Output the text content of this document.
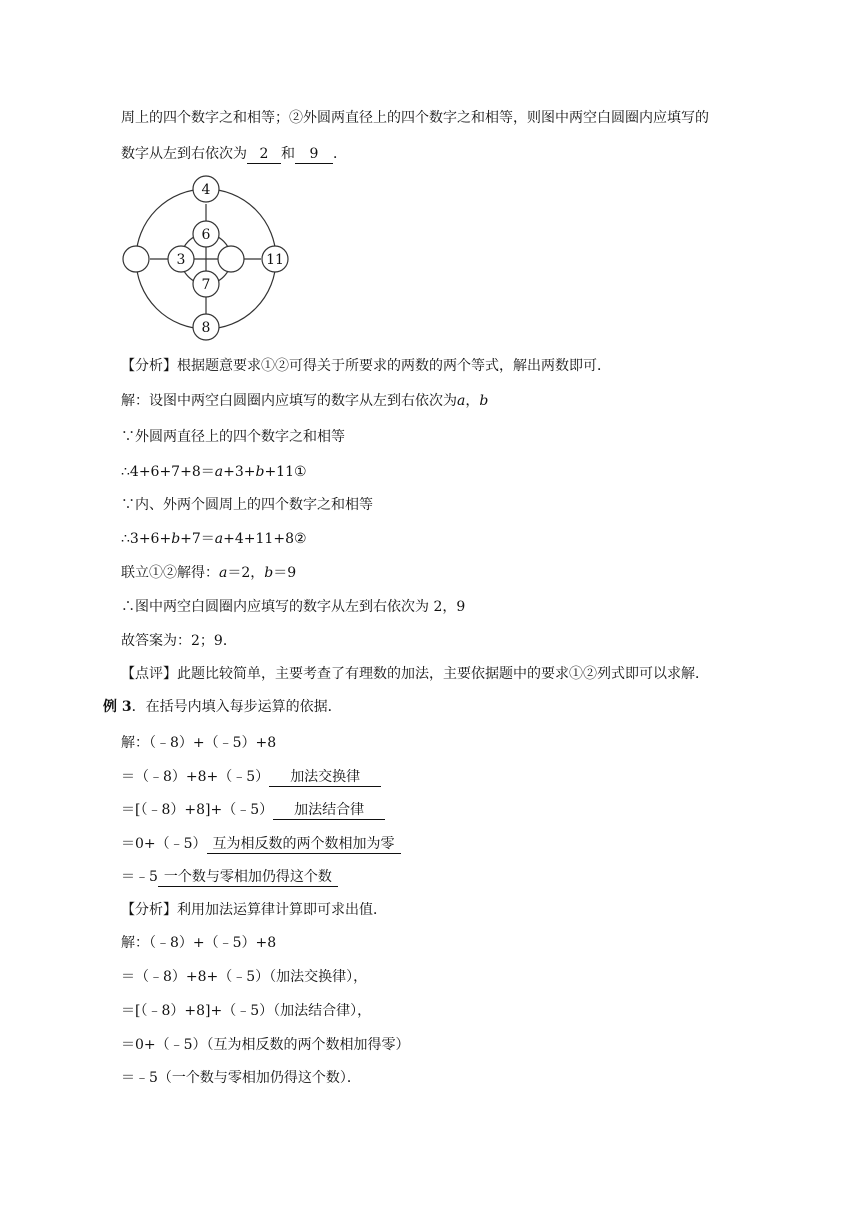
周上的四个数字之和相等；②外圆两直径上的四个数字之和相等，则图中两空白圆圈内应填写的
数字从左到右依次为 2 和 9 ．
4
6
3
7
11
8
【分析】根据题意要求①②可得关于所要求的两数的两个等式，解出两数即可．
解：设图中两空白圆圈内应填写的数字从左到右依次为a，b
∵外圆两直径上的四个数字之和相等
∴4+6+7+8＝a+3+b+11①
∵内、外两个圆周上的四个数字之和相等
∴3+6+b+7＝a+4+11+8②
联立①②解得：a＝2，b＝9
∴图中两空白圆圈内应填写的数字从左到右依次为 2，9
故答案为：2；9．
【点评】此题比较简单，主要考查了有理数的加法，主要依据题中的要求①②列式即可以求解．
例 3．在括号内填入每步运算的依据．
解：（﹣8）+（﹣5）+8
＝（﹣8）+8+（﹣5） 加法交换律
＝[（﹣8）+8]+（﹣5） 加法结合律
＝0+（﹣5） 互为相反数的两个数相加为零
＝﹣5 一个数与零相加仍得这个数
【分析】利用加法运算律计算即可求出值．
解：（﹣8）+（﹣5）+8
＝（﹣8）+8+（﹣5）（加法交换律），
＝[（﹣8）+8]+（﹣5）（加法结合律），
＝0+（﹣5）（互为相反数的两个数相加得零）
＝﹣5（一个数与零相加仍得这个数）．
